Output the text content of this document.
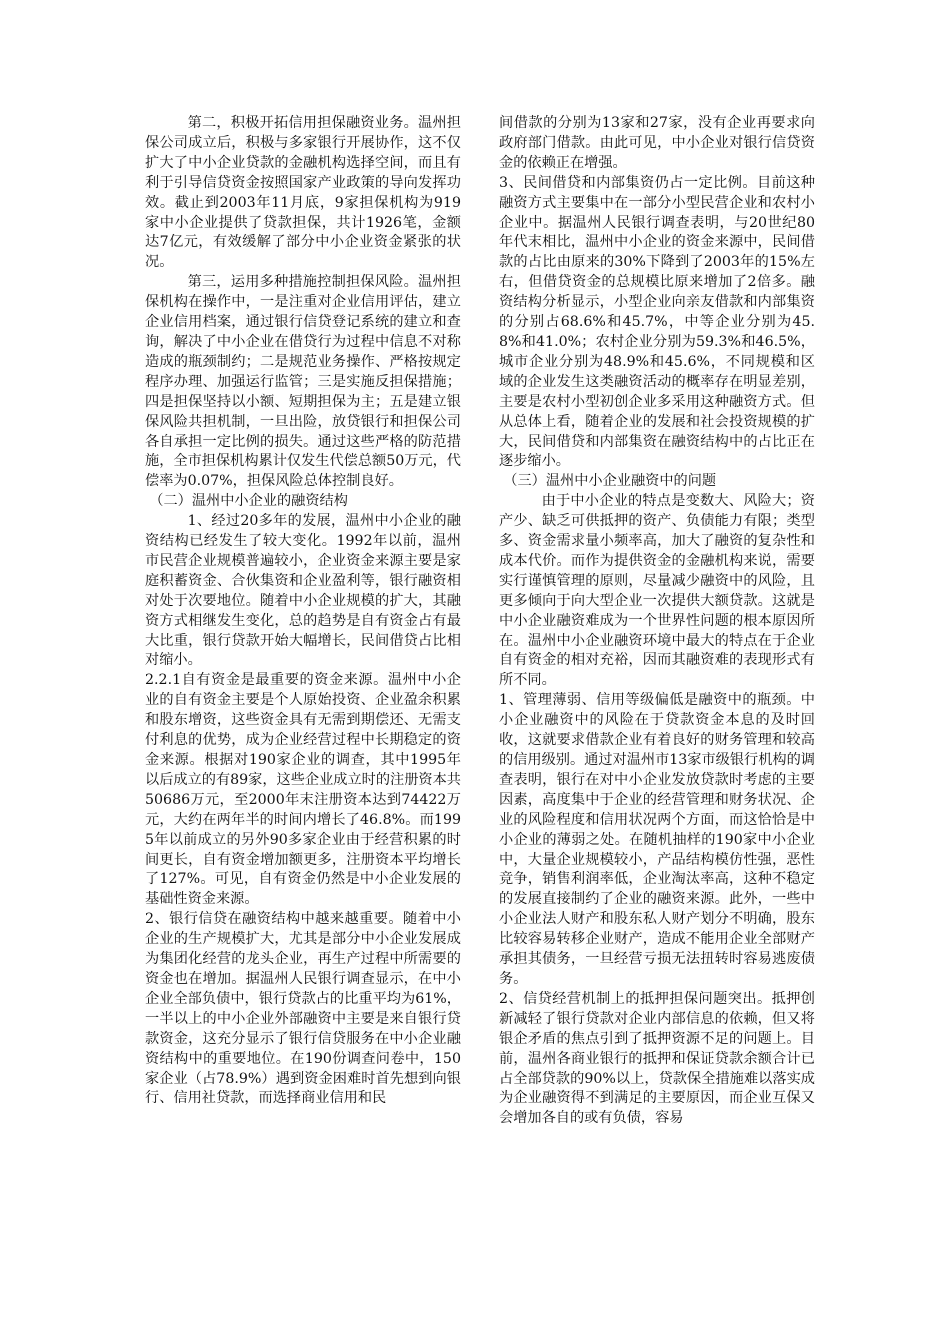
第二，积极开拓信用担保融资业务。温州担保公司成立后，积极与多家银行开展协作，这不仅扩大了中小企业贷款的金融机构选择空间，而且有利于引导信贷资金按照国家产业政策的导向发挥功效。截止到2003年11月底，9家担保机构为919家中小企业提供了贷款担保，共计1926笔，金额达7亿元，有效缓解了部分中小企业资金紧张的状况。

第三，运用多种措施控制担保风险。温州担保机构在操作中，一是注重对企业信用评估，建立企业信用档案，通过银行信贷登记系统的建立和查询，解决了中小企业在借贷行为过程中信息不对称造成的瓶颈制约；二是规范业务操作、严格按规定程序办理、加强运行监管；三是实施反担保措施；四是担保坚持以小额、短期担保为主；五是建立银保风险共担机制，一旦出险，放贷银行和担保公司各自承担一定比例的损失。通过这些严格的防范措施，全市担保机构累计仅发生代偿总额50万元，代偿率为0.07%，担保风险总体控制良好。

（二）温州中小企业的融资结构

1、经过20多年的发展，温州中小企业的融资结构已经发生了较大变化。1992年以前，温州市民营企业规模普遍较小，企业资金来源主要是家庭积蓄资金、合伙集资和企业盈利等，银行融资相对处于次要地位。随着中小企业规模的扩大，其融资方式相继发生变化，总的趋势是自有资金占有最大比重，银行贷款开始大幅增长，民间借贷占比相对缩小。

2.2.1自有资金是最重要的资金来源。温州中小企业的自有资金主要是个人原始投资、企业盈余积累和股东增资，这些资金具有无需到期偿还、无需支付利息的优势，成为企业经营过程中长期稳定的资金来源。根据对190家企业的调查，其中1995年以后成立的有89家，这些企业成立时的注册资本共50686万元，至2000年末注册资本达到74422万元，大约在两年半的时间内增长了46.8%。而1995年以前成立的另外90多家企业由于经营积累的时间更长，自有资金增加额更多，注册资本平均增长了127%。可见，自有资金仍然是中小企业发展的基础性资金来源。

2、银行信贷在融资结构中越来越重要。随着中小企业的生产规模扩大，尤其是部分中小企业发展成为集团化经营的龙头企业，再生产过程中所需要的资金也在增加。据温州人民银行调查显示，在中小企业全部负债中，银行贷款占的比重平均为61%，一半以上的中小企业外部融资中主要是来自银行贷款资金，这充分显示了银行信贷服务在中小企业融资结构中的重要地位。在190份调查问卷中，150家企业（占78.9%）遇到资金困难时首先想到向银行、信用社贷款，而选择商业信用和民

间借款的分别为13家和27家，没有企业再要求向政府部门借款。由此可见，中小企业对银行信贷资金的依赖正在增强。

3、民间借贷和内部集资仍占一定比例。目前这种融资方式主要集中在一部分小型民营企业和农村小企业中。据温州人民银行调查表明，与20世纪80年代末相比，温州中小企业的资金来源中，民间借款的占比由原来的30%下降到了2003年的15%左右，但借贷资金的总规模比原来增加了2倍多。融资结构分析显示，小型企业向亲友借款和内部集资的分别占68.6%和45.7%，中等企业分别为45.8%和41.0%；农村企业分别为59.3%和46.5%，城市企业分别为48.9%和45.6%，不同规模和区域的企业发生这类融资活动的概率存在明显差别，主要是农村小型初创企业多采用这种融资方式。但从总体上看，随着企业的发展和社会投资规模的扩大，民间借贷和内部集资在融资结构中的占比正在逐步缩小。

（三）温州中小企业融资中的问题

由于中小企业的特点是变数大、风险大；资产少、缺乏可供抵押的资产、负债能力有限；类型多、资金需求量小频率高，加大了融资的复杂性和成本代价。而作为提供资金的金融机构来说，需要实行谨慎管理的原则，尽量减少融资中的风险，且更多倾向于向大型企业一次提供大额贷款。这就是中小企业融资难成为一个世界性问题的根本原因所在。温州中小企业融资环境中最大的特点在于企业自有资金的相对充裕，因而其融资难的表现形式有所不同。

1、管理薄弱、信用等级偏低是融资中的瓶颈。中小企业融资中的风险在于贷款资金本息的及时回收，这就要求借款企业有着良好的财务管理和较高的信用级别。通过对温州市13家市级银行机构的调查表明，银行在对中小企业发放贷款时考虑的主要因素，高度集中于企业的经营管理和财务状况、企业的风险程度和信用状况两个方面，而这恰恰是中小企业的薄弱之处。在随机抽样的190家中小企业中，大量企业规模较小，产品结构模仿性强，恶性竞争，销售利润率低，企业淘汰率高，这种不稳定的发展直接制约了企业的融资来源。此外，一些中小企业法人财产和股东私人财产划分不明确，股东比较容易转移企业财产，造成不能用企业全部财产承担其债务，一旦经营亏损无法扭转时容易逃废债务。

2、信贷经营机制上的抵押担保问题突出。抵押创新减轻了银行贷款对企业内部信息的依赖，但又将银企矛盾的焦点引到了抵押资源不足的问题上。目前，温州各商业银行的抵押和保证贷款余额合计已占全部贷款的90%以上，贷款保全措施难以落实成为企业融资得不到满足的主要原因，而企业互保又会增加各自的或有负债，容易
